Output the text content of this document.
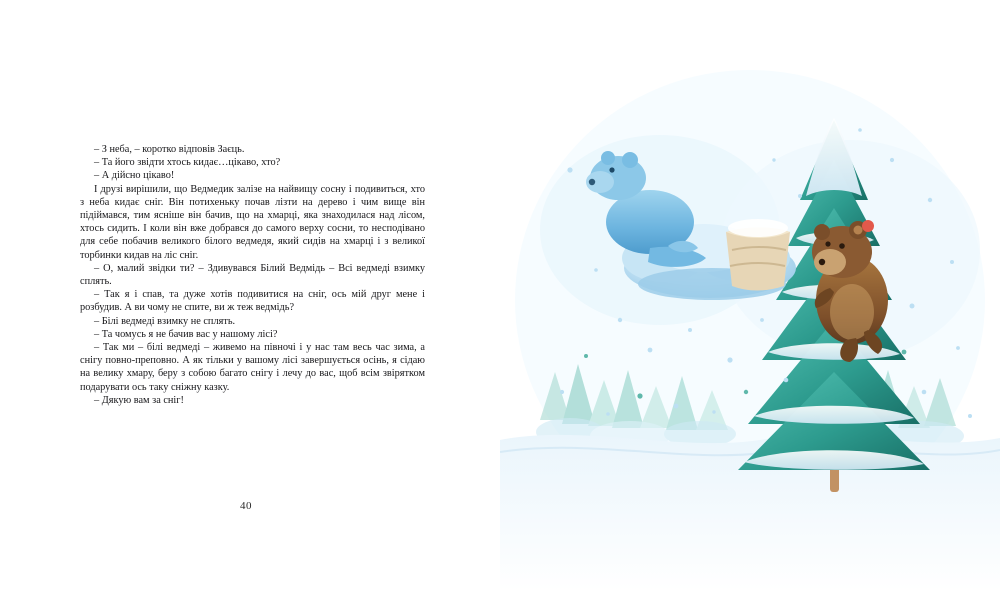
– З неба, – коротко відповів Заєць.

– Та його звідти хтось кидає…цікаво, хто?

– А дійсно цікаво!

І друзі вирішили, що Ведмедик залізе на найвищу сосну і подивиться, хто з неба кидає сніг. Він потихеньку почав лізти на дерево і чим вище він підіймався, тим ясніше він бачив, що на хмарці, яка знаходилася над лісом, хтось сидить. І коли він вже добрався до самого верху сосни, то несподівано для себе побачив великого білого ведмедя, який сидів на хмарці і з великої торбинки кидав на ліс сніг.

– О, малий звідки ти? – Здивувався Білий Ведмідь – Всі ведмеді взимку сплять.

– Так я і спав, та дуже хотів подивитися на сніг, ось мій друг мене і розбудив. А ви чому не спите, ви ж теж ведмідь?

– Білі ведмеді взимку не сплять.

– Та чомусь я не бачив вас у нашому лісі?

– Так ми – білі ведмеді – живемо на півночі і у нас там весь час зима, а снігу повно-преповно. А як тільки у вашому лісі завершується осінь, я сідаю на велику хмару, беру з собою багато снігу і лечу до вас, щоб всім звірятком подарувати ось таку сніжну казку.

– Дякую вам за сніг!

40
